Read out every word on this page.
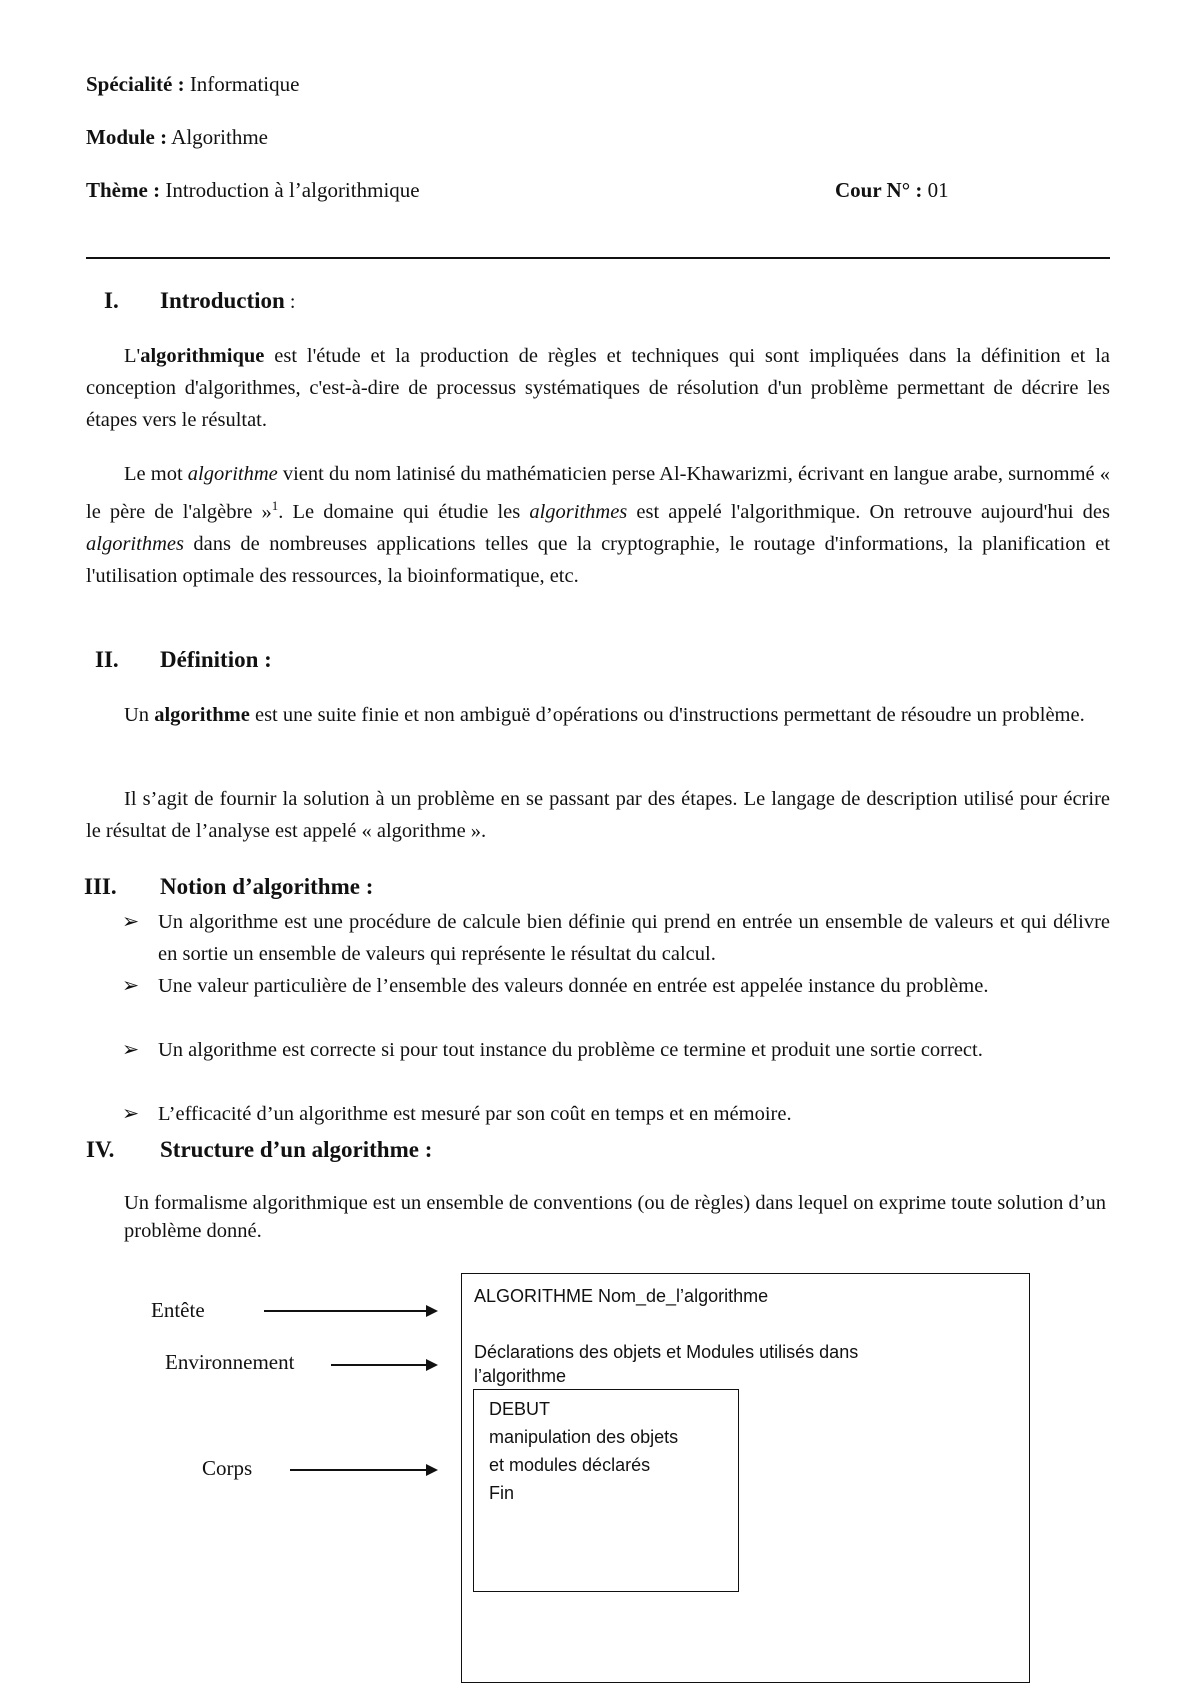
Spécialité : Informatique
Module : Algorithme
Thème : Introduction à l’algorithmique	Cour N° : 01
I. Introduction :
L'algorithmique est l'étude et la production de règles et techniques qui sont impliquées dans la définition et la conception d'algorithmes, c'est-à-dire de processus systématiques de résolution d'un problème permettant de décrire les étapes vers le résultat.
Le mot algorithme vient du nom latinisé du mathématicien perse Al-Khawarizmi, écrivant en langue arabe, surnommé « le père de l'algèbre »$^1$. Le domaine qui étudie les algorithmes est appelé l'algorithmique. On retrouve aujourd'hui des algorithmes dans de nombreuses applications telles que la cryptographie, le routage d'informations, la planification et l'utilisation optimale des ressources, la bioinformatique, etc.
II. Définition :
Un algorithme est une suite finie et non ambiguë d’opérations ou d'instructions permettant de résoudre un problème.
Il s’agit de fournir la solution à un problème en se passant par des étapes. Le langage de description utilisé pour écrire le résultat de l’analyse est appelé « algorithme ».
III. Notion d’algorithme :
➢ Un algorithme est une procédure de calcule bien définie qui prend en entrée un ensemble de valeurs et qui délivre en sortie un ensemble de valeurs qui représente le résultat du calcul.
➢ Une valeur particulière de l’ensemble des valeurs donnée en entrée est appelée instance du problème.
➢ Un algorithme est correcte si pour tout instance du problème ce termine et produit une sortie correct.
➢ L’efficacité d’un algorithme est mesuré par son coût en temps et en mémoire.
IV. Structure d’un algorithme :
Un formalisme algorithmique est un ensemble de conventions (ou de règles) dans lequel on exprime toute solution d’un problème donné.
Entête
Environnement
Corps
ALGORITHME Nom_de_l’algorithme
Déclarations des objets et Modules utilisés dans
l’algorithme
DEBUT
manipulation des objets
et modules déclarés
Fin
